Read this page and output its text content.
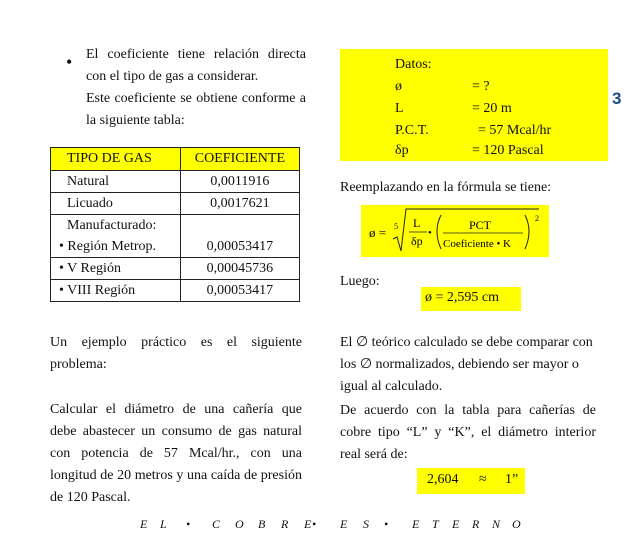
• El coeficiente tiene relación directa con el tipo de gas a considerar.

Este coeficiente se obtiene conforme a la siguiente tabla:

TIPO DE GAS	COEFICIENTE
Natural	0,0011916
Licuado	0,0017621
Manufacturado:	
• Región Metrop.	0,00053417
• V Región	0,00045736
• VIII Región	0,00053417
Un ejemplo práctico es el siguiente problema:
Calcular el diámetro de una cañería que debe abastecer un consumo de gas natural con potencia de 57 Mcal/hr., con una longitud de 20 metros y una caída de presión de 120 Pascal.
Datos:
ø	= ?
L	= 20 m
P.C.T.	= 57 Mcal/hr
δp	= 120 Pascal
3
Reemplazando en la fórmula se tiene:
ø = 5 L
δp
•
PCT
Coeficiente • K
2
Luego:
ø = 2,595 cm
El ∅ teórico calculado se debe comparar con los ∅ normalizados, debiendo ser mayor o igual al calculado.
De acuerdo con la tabla para cañerías de cobre tipo “L” y “K”, el diámetro interior real será de:
2,604 ≈ 1”
E L • C O B R E • E S • E T E R N O
